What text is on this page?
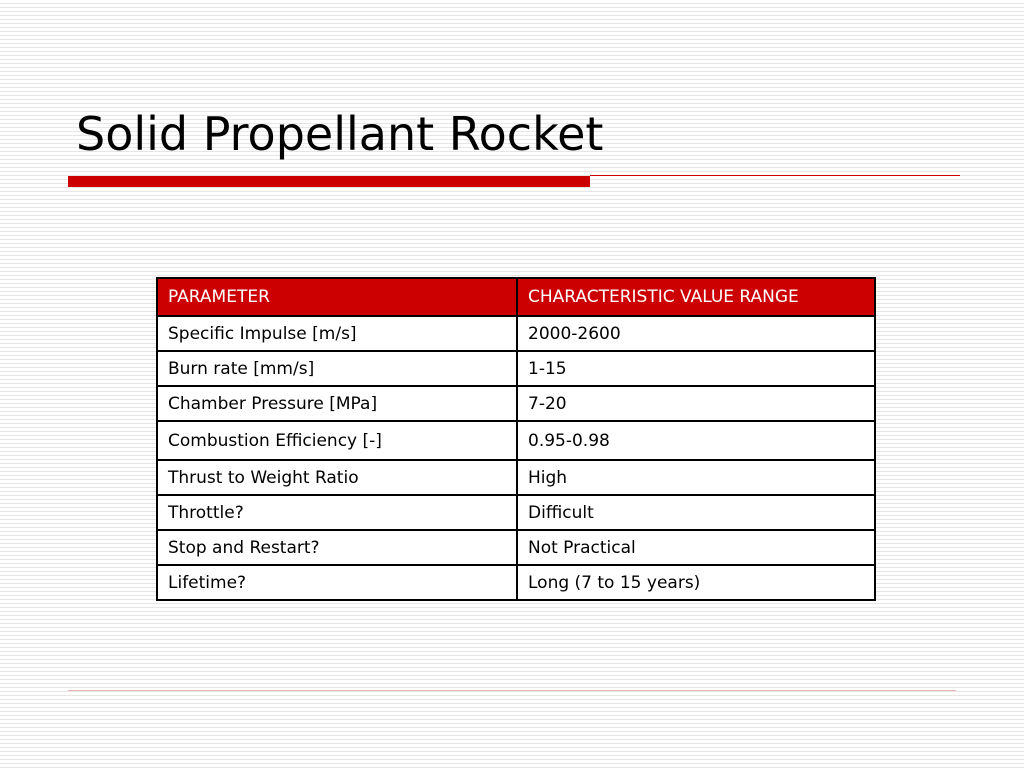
Solid Propellant Rocket
PARAMETER	CHARACTERISTIC VALUE RANGE
Specific Impulse [m/s]	2000-2600
Burn rate [mm/s]	1-15
Chamber Pressure [MPa]	7-20
Combustion Efficiency [-]	0.95-0.98
Thrust to Weight Ratio	High
Throttle?	Difficult
Stop and Restart?	Not Practical
Lifetime?	Long (7 to 15 years)
